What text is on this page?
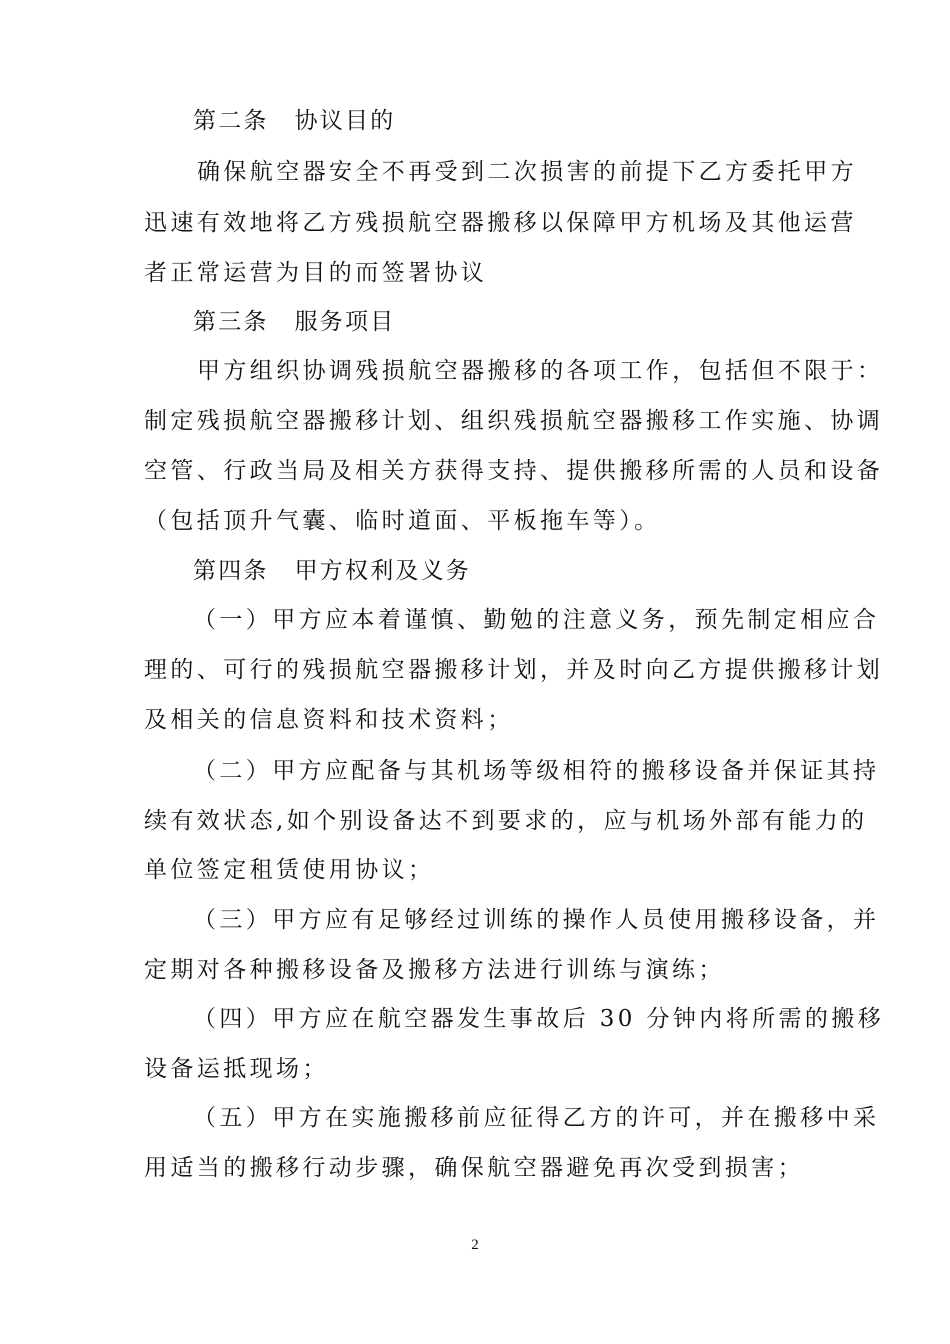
第二条 协议目的
确保航空器安全不再受到二次损害的前提下乙方委托甲方
迅速有效地将乙方残损航空器搬移以保障甲方机场及其他运营
者正常运营为目的而签署协议
第三条 服务项目
甲方组织协调残损航空器搬移的各项工作，包括但不限于：
制定残损航空器搬移计划、组织残损航空器搬移工作实施、协调
空管、行政当局及相关方获得支持、提供搬移所需的人员和设备
（包括顶升气囊、临时道面、平板拖车等）。
第四条 甲方权利及义务
（一）甲方应本着谨慎、勤勉的注意义务，预先制定相应合
理的、可行的残损航空器搬移计划，并及时向乙方提供搬移计划
及相关的信息资料和技术资料；
（二）甲方应配备与其机场等级相符的搬移设备并保证其持
续有效状态,如个别设备达不到要求的，应与机场外部有能力的
单位签定租赁使用协议；
（三）甲方应有足够经过训练的操作人员使用搬移设备，并
定期对各种搬移设备及搬移方法进行训练与演练；
（四）甲方应在航空器发生事故后 30 分钟内将所需的搬移
设备运抵现场；
（五）甲方在实施搬移前应征得乙方的许可，并在搬移中采
用适当的搬移行动步骤，确保航空器避免再次受到损害；
2
